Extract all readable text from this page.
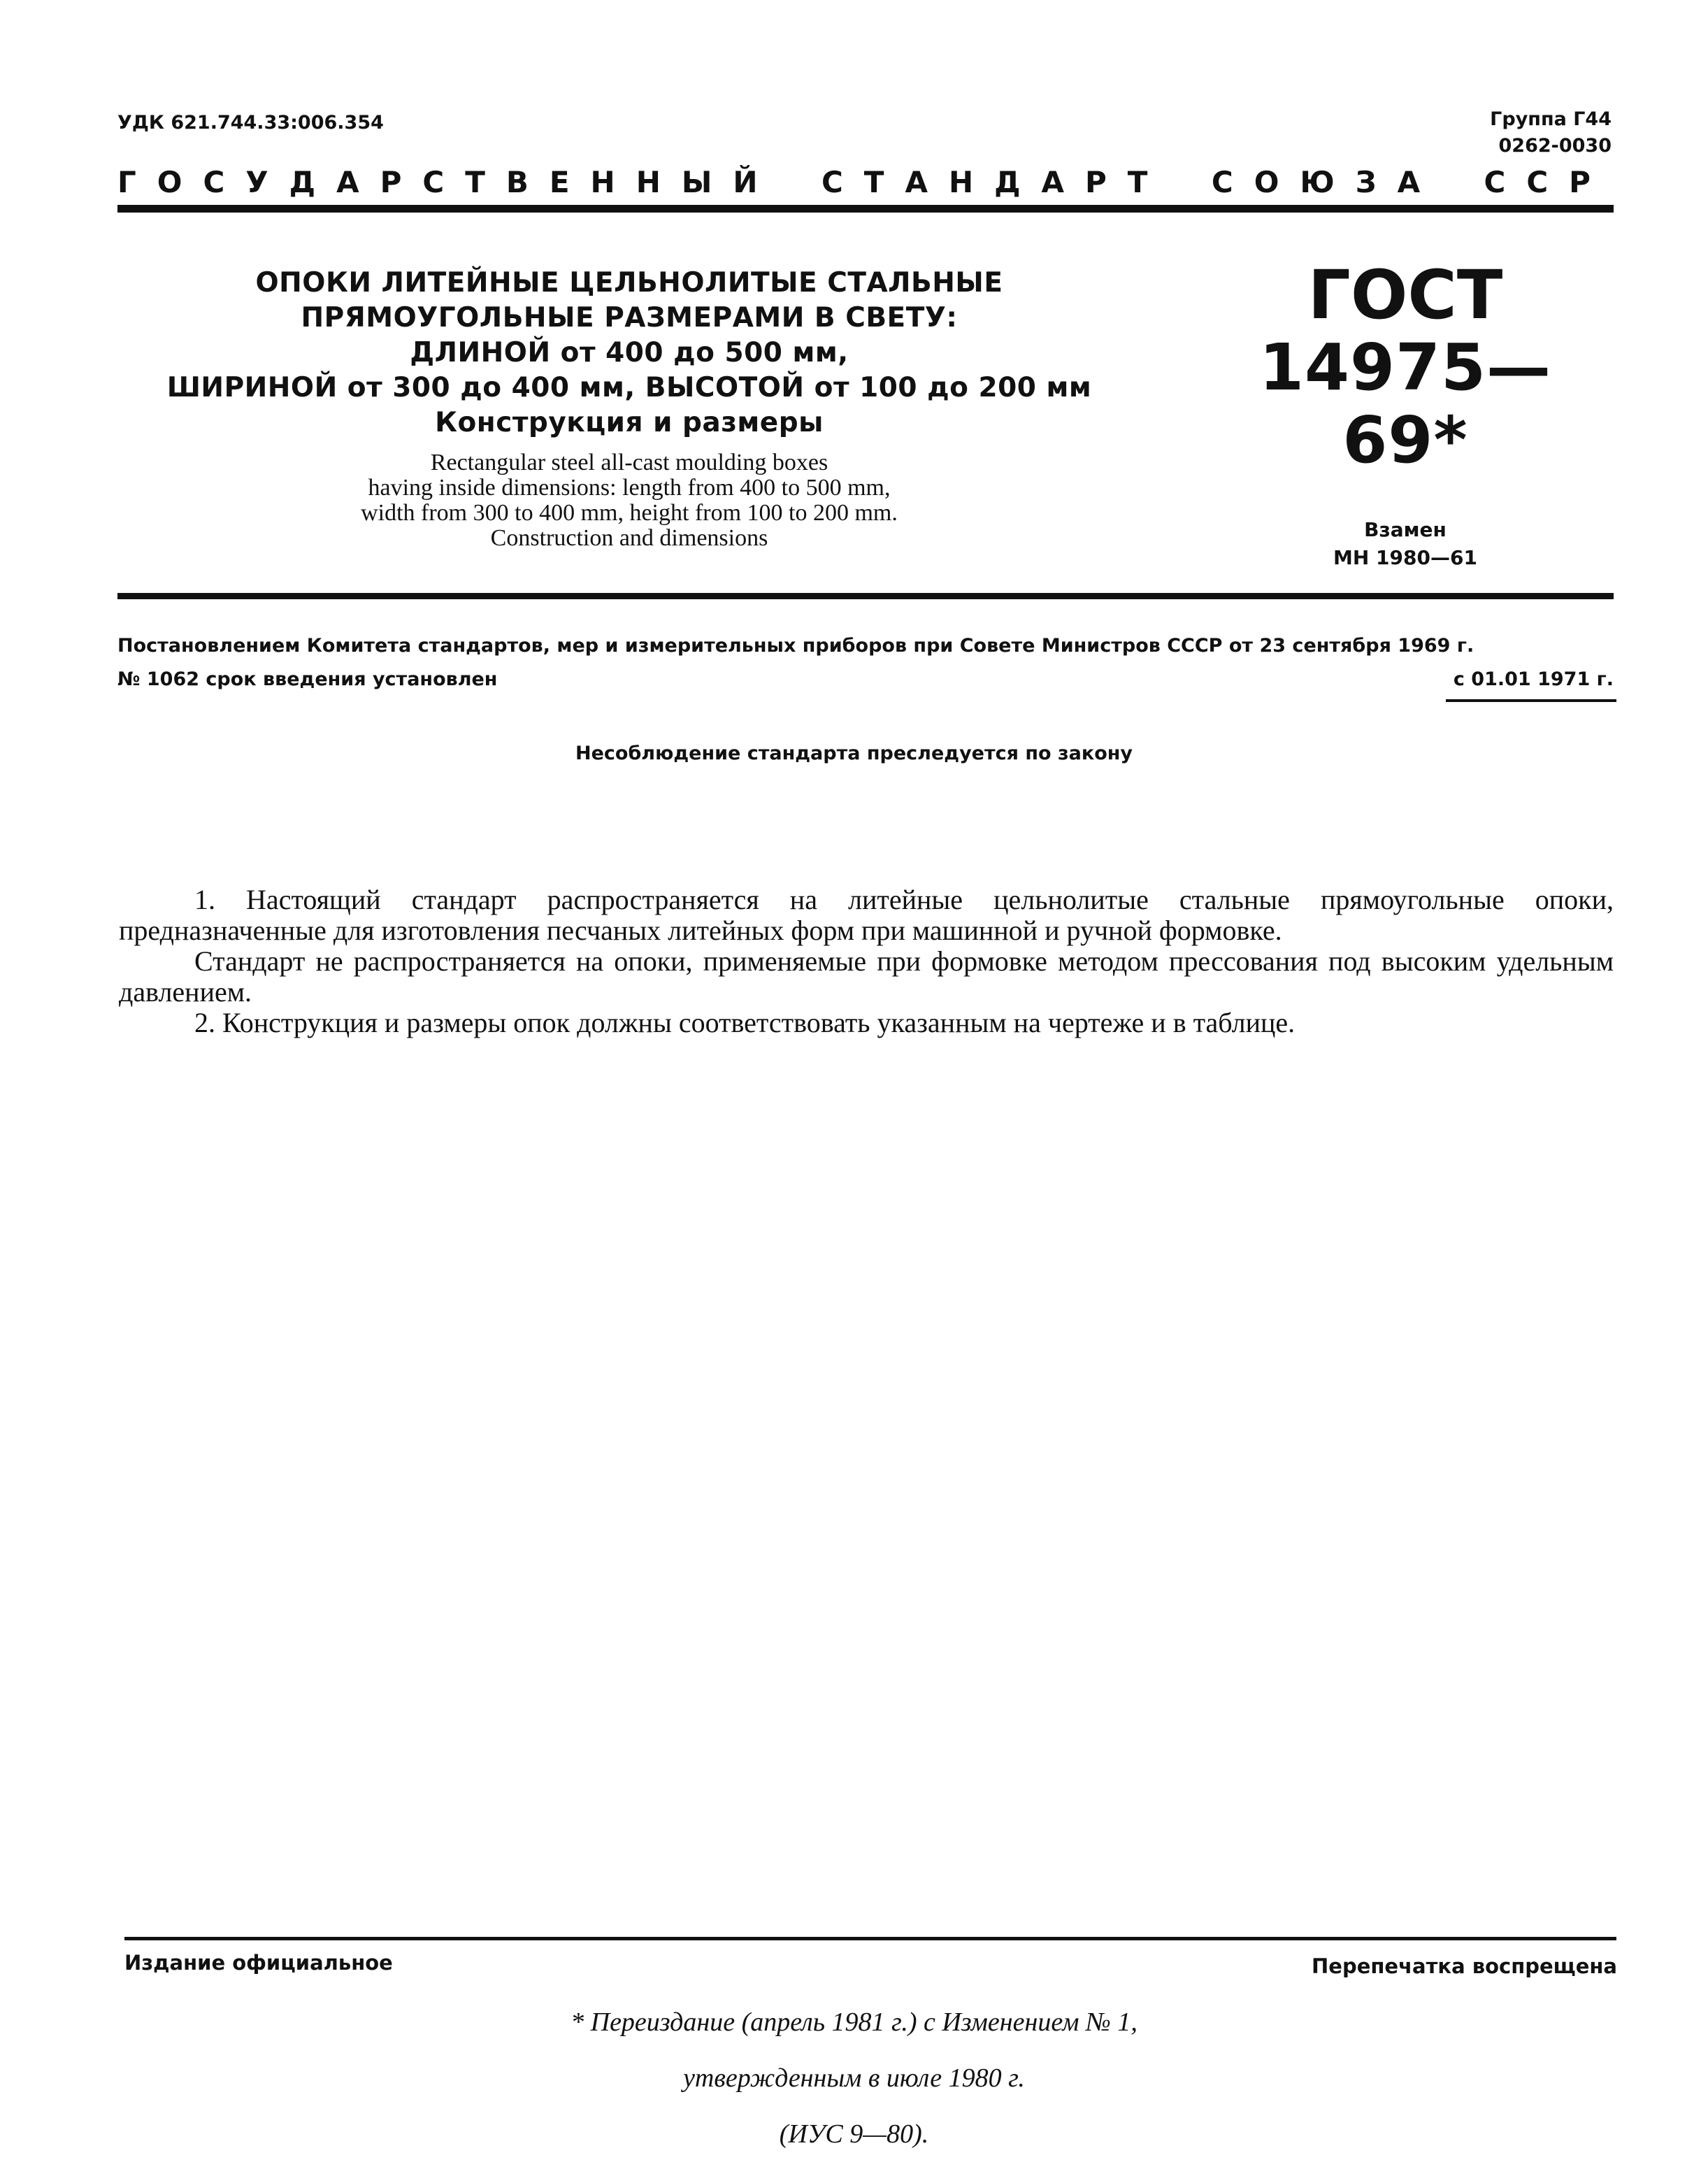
УДК 621.744.33:006.354	Группа Г44
0262-0030
ГОСУДАРСТВЕННЫЙ СТАНДАРТ СОЮЗА ССР
ОПОКИ ЛИТЕЙНЫЕ ЦЕЛЬНОЛИТЫЕ СТАЛЬНЫЕ
ПРЯМОУГОЛЬНЫЕ РАЗМЕРАМИ В СВЕТУ:
ДЛИНОЙ от 400 до 500 мм,
ШИРИНОЙ от 300 до 400 мм, ВЫСОТОЙ от 100 до 200 мм
Конструкция и размеры
Rectangular steel all-cast moulding boxes
having inside dimensions: length from 400 to 500 mm,
width from 300 to 400 mm, height from 100 to 200 mm.
Construction and dimensions
ГОСТ
14975—69*
Взамен
МН 1980—61
Постановлением Комитета стандартов, мер и измерительных приборов при Совете Министров СССР от 23 сентября 1969 г.
№ 1062 срок введения установлен	с 01.01 1971 г.
Несоблюдение стандарта преследуется по закону

1. Настоящий стандарт распространяется на литейные цельнолитые стальные прямоугольные опоки, предназначенные для изготовления песчаных литейных форм при машинной и ручной формовке.

Стандарт не распространяется на опоки, применяемые при формовке методом прессования под высоким удельным давлением.

2. Конструкция и размеры опок должны соответствовать указанным на чертеже и в таблице.

Издание официальное	Перепечатка воспрещена
* Переиздание (апрель 1981 г.) с Изменением № 1,
утвержденным в июле 1980 г.
(ИУС 9—80).
